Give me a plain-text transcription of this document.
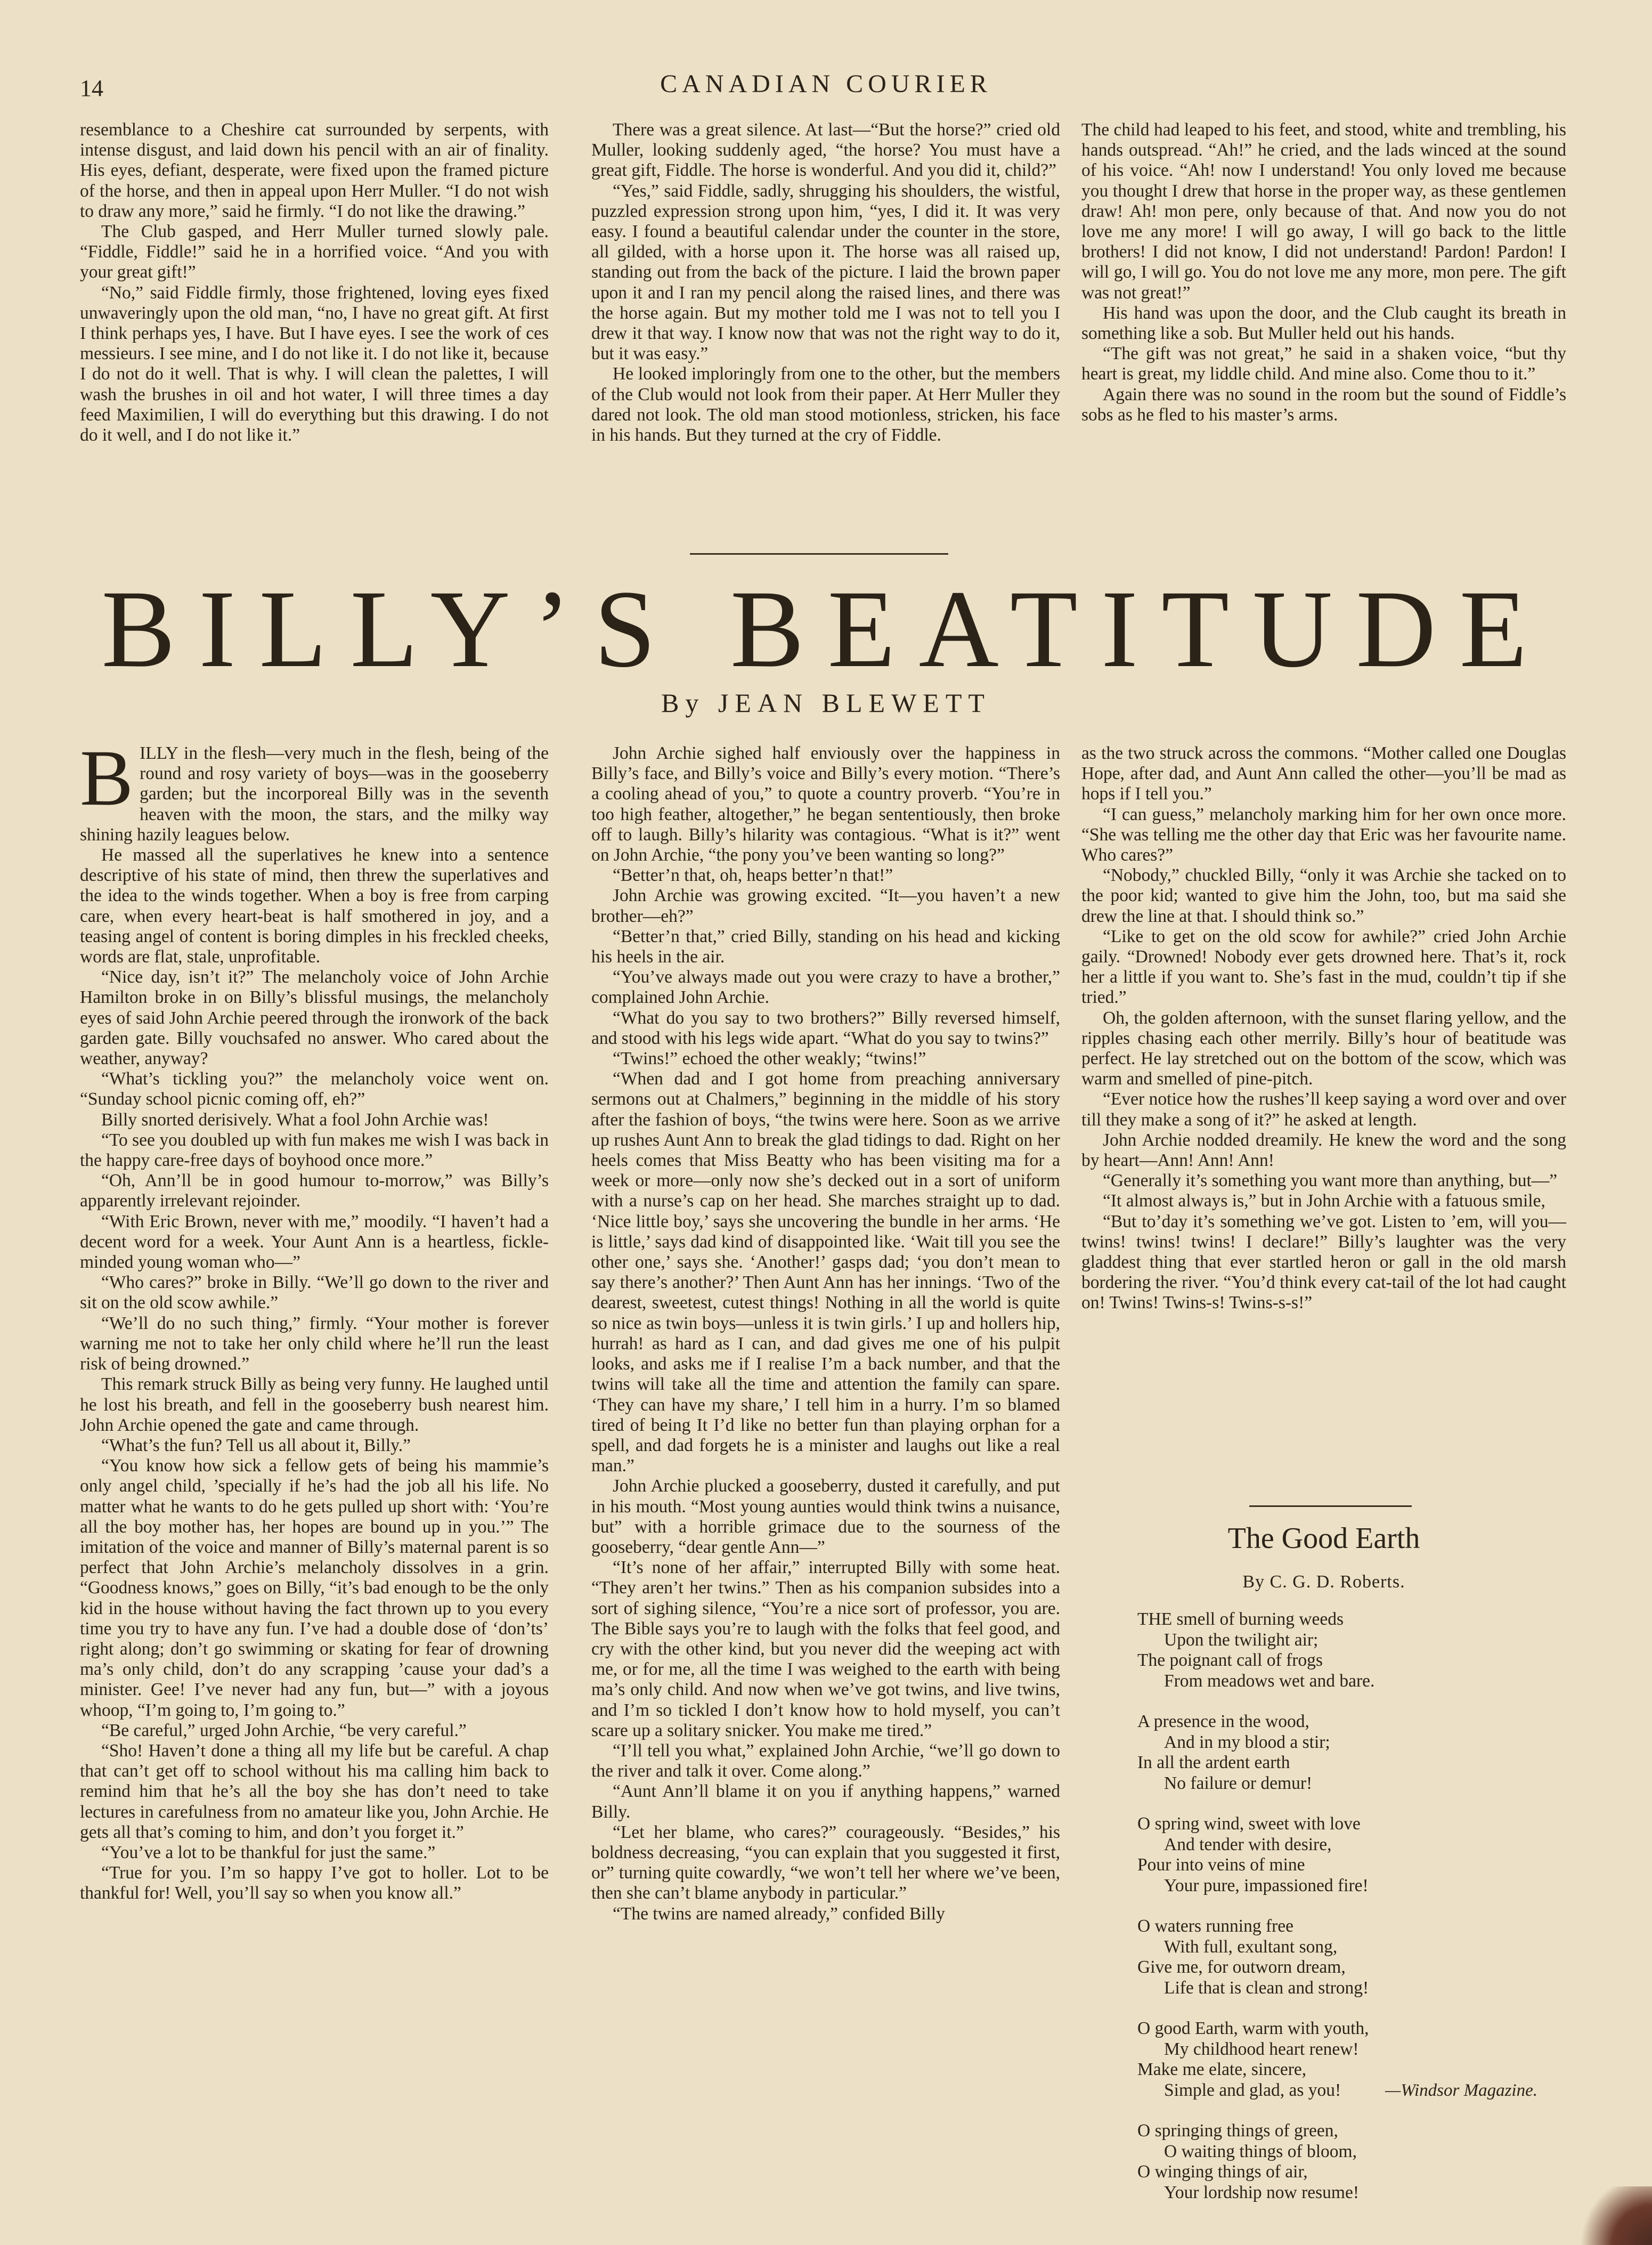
14	CANADIAN COURIER

resemblance to a Cheshire cat surrounded by serpents, with intense disgust, and laid down his pencil with an air of finality. His eyes, defiant, desperate, were fixed upon the framed picture of the horse, and then in appeal upon Herr Muller. “I do not wish to draw any more,” said he firmly. “I do not like the drawing.”

The Club gasped, and Herr Muller turned slowly pale. “Fiddle, Fiddle!” said he in a horrified voice. “And you with your great gift!”

“No,” said Fiddle firmly, those frightened, loving eyes fixed unwaveringly upon the old man, “no, I have no great gift. At first I think perhaps yes, I have. But I have eyes. I see the work of ces messieurs. I see mine, and I do not like it. I do not like it, because I do not do it well. That is why. I will clean the palettes, I will wash the brushes in oil and hot water, I will three times a day feed Maximilien, I will do everything but this drawing. I do not do it well, and I do not like it.”

There was a great silence. At last—“But the horse?” cried old Muller, looking suddenly aged, “the horse? You must have a great gift, Fiddle. The horse is wonderful. And you did it, child?”

“Yes,” said Fiddle, sadly, shrugging his shoulders, the wistful, puzzled expression strong upon him, “yes, I did it. It was very easy. I found a beautiful calendar under the counter in the store, all gilded, with a horse upon it. The horse was all raised up, standing out from the back of the picture. I laid the brown paper upon it and I ran my pencil along the raised lines, and there was the horse again. But my mother told me I was not to tell you I drew it that way. I know now that was not the right way to do it, but it was easy.”

He looked imploringly from one to the other, but the members of the Club would not look from their paper. At Herr Muller they dared not look. The old man stood motionless, stricken, his face in his hands. But they turned at the cry of Fiddle.

The child had leaped to his feet, and stood, white and trembling, his hands outspread. “Ah!” he cried, and the lads winced at the sound of his voice. “Ah! now I understand! You only loved me because you thought I drew that horse in the proper way, as these gentlemen draw! Ah! mon pere, only because of that. And now you do not love me any more! I will go away, I will go back to the little brothers! I did not know, I did not understand! Pardon! Pardon! I will go, I will go. You do not love me any more, mon pere. The gift was not great!”

His hand was upon the door, and the Club caught its breath in something like a sob. But Muller held out his hands.

“The gift was not great,” he said in a shaken voice, “but thy heart is great, my liddle child. And mine also. Come thou to it.”

Again there was no sound in the room but the sound of Fiddle’s sobs as he fled to his master’s arms.

BILLY’S BEATITUDE
By JEAN BLEWETT

BILLY in the flesh—very much in the flesh, being of the round and rosy variety of boys—was in the gooseberry garden; but the incorporeal Billy was in the seventh heaven with the moon, the stars, and the milky way shining hazily leagues below.

He massed all the superlatives he knew into a sentence descriptive of his state of mind, then threw the superlatives and the idea to the winds together. When a boy is free from carping care, when every heart-beat is half smothered in joy, and a teasing angel of content is boring dimples in his freckled cheeks, words are flat, stale, unprofitable.

“Nice day, isn’t it?” The melancholy voice of John Archie Hamilton broke in on Billy’s blissful musings, the melancholy eyes of said John Archie peered through the ironwork of the back garden gate. Billy vouchsafed no answer. Who cared about the weather, anyway?

“What’s tickling you?” the melancholy voice went on. “Sunday school picnic coming off, eh?”

Billy snorted derisively. What a fool John Archie was!

“To see you doubled up with fun makes me wish I was back in the happy care-free days of boyhood once more.”

“Oh, Ann’ll be in good humour to-morrow,” was Billy’s apparently irrelevant rejoinder.

“With Eric Brown, never with me,” moodily. “I haven’t had a decent word for a week. Your Aunt Ann is a heartless, fickle-minded young woman who—”

“Who cares?” broke in Billy. “We’ll go down to the river and sit on the old scow awhile.”

“We’ll do no such thing,” firmly. “Your mother is forever warning me not to take her only child where he’ll run the least risk of being drowned.”

This remark struck Billy as being very funny. He laughed until he lost his breath, and fell in the gooseberry bush nearest him. John Archie opened the gate and came through.

“What’s the fun? Tell us all about it, Billy.”

“You know how sick a fellow gets of being his mammie’s only angel child, ’specially if he’s had the job all his life. No matter what he wants to do he gets pulled up short with: ‘You’re all the boy mother has, her hopes are bound up in you.’” The imitation of the voice and manner of Billy’s maternal parent is so perfect that John Archie’s melancholy dissolves in a grin. “Goodness knows,” goes on Billy, “it’s bad enough to be the only kid in the house without having the fact thrown up to you every time you try to have any fun. I’ve had a double dose of ‘don’ts’ right along; don’t go swimming or skating for fear of drowning ma’s only child, don’t do any scrapping ’cause your dad’s a minister. Gee! I’ve never had any fun, but—” with a joyous whoop, “I’m going to, I’m going to.”

“Be careful,” urged John Archie, “be very careful.”

“Sho! Haven’t done a thing all my life but be careful. A chap that can’t get off to school without his ma calling him back to remind him that he’s all the boy she has don’t need to take lectures in carefulness from no amateur like you, John Archie. He gets all that’s coming to him, and don’t you forget it.”

“You’ve a lot to be thankful for just the same.”

“True for you. I’m so happy I’ve got to holler. Lot to be thankful for! Well, you’ll say so when you know all.”

John Archie sighed half enviously over the happiness in Billy’s face, and Billy’s voice and Billy’s every motion. “There’s a cooling ahead of you,” to quote a country proverb. “You’re in too high feather, altogether,” he began sententiously, then broke off to laugh. Billy’s hilarity was contagious. “What is it?” went on John Archie, “the pony you’ve been wanting so long?”

“Better’n that, oh, heaps better’n that!”

John Archie was growing excited. “It—you haven’t a new brother—eh?”

“Better’n that,” cried Billy, standing on his head and kicking his heels in the air.

“You’ve always made out you were crazy to have a brother,” complained John Archie.

“What do you say to two brothers?” Billy reversed himself, and stood with his legs wide apart. “What do you say to twins?”

“Twins!” echoed the other weakly; “twins!”

“When dad and I got home from preaching anniversary sermons out at Chalmers,” beginning in the middle of his story after the fashion of boys, “the twins were here. Soon as we arrive up rushes Aunt Ann to break the glad tidings to dad. Right on her heels comes that Miss Beatty who has been visiting ma for a week or more—only now she’s decked out in a sort of uniform with a nurse’s cap on her head. She marches straight up to dad. ‘Nice little boy,’ says she uncovering the bundle in her arms. ‘He is little,’ says dad kind of disappointed like. ‘Wait till you see the other one,’ says she. ‘Another!’ gasps dad; ‘you don’t mean to say there’s another?’ Then Aunt Ann has her innings. ‘Two of the dearest, sweetest, cutest things! Nothing in all the world is quite so nice as twin boys—unless it is twin girls.’ I up and hollers hip, hurrah! as hard as I can, and dad gives me one of his pulpit looks, and asks me if I realise I’m a back number, and that the twins will take all the time and attention the family can spare. ‘They can have my share,’ I tell him in a hurry. I’m so blamed tired of being It I’d like no better fun than playing orphan for a spell, and dad forgets he is a minister and laughs out like a real man.”

John Archie plucked a gooseberry, dusted it carefully, and put in his mouth. “Most young aunties would think twins a nuisance, but” with a horrible grimace due to the sourness of the gooseberry, “dear gentle Ann—”

“It’s none of her affair,” interrupted Billy with some heat. “They aren’t her twins.” Then as his companion subsides into a sort of sighing silence, “You’re a nice sort of professor, you are. The Bible says you’re to laugh with the folks that feel good, and cry with the other kind, but you never did the weeping act with me, or for me, all the time I was weighed to the earth with being ma’s only child. And now when we’ve got twins, and live twins, and I’m so tickled I don’t know how to hold myself, you can’t scare up a solitary snicker. You make me tired.”

“I’ll tell you what,” explained John Archie, “we’ll go down to the river and talk it over. Come along.”

“Aunt Ann’ll blame it on you if anything happens,” warned Billy.

“Let her blame, who cares?” courageously. “Besides,” his boldness decreasing, “you can explain that you suggested it first, or” turning quite cowardly, “we won’t tell her where we’ve been, then she can’t blame anybody in particular.”

“The twins are named already,” confided Billy

as the two struck across the commons. “Mother called one Douglas Hope, after dad, and Aunt Ann called the other—you’ll be mad as hops if I tell you.”

“I can guess,” melancholy marking him for her own once more. “She was telling me the other day that Eric was her favourite name. Who cares?”

“Nobody,” chuckled Billy, “only it was Archie she tacked on to the poor kid; wanted to give him the John, too, but ma said she drew the line at that. I should think so.”

“Like to get on the old scow for awhile?” cried John Archie gaily. “Drowned! Nobody ever gets drowned here. That’s it, rock her a little if you want to. She’s fast in the mud, couldn’t tip if she tried.”

Oh, the golden afternoon, with the sunset flaring yellow, and the ripples chasing each other merrily. Billy’s hour of beatitude was perfect. He lay stretched out on the bottom of the scow, which was warm and smelled of pine-pitch.

“Ever notice how the rushes’ll keep saying a word over and over till they make a song of it?” he asked at length.

John Archie nodded dreamily. He knew the word and the song by heart—Ann! Ann! Ann!

“Generally it’s something you want more than anything, but—”

“It almost always is,” but in John Archie with a fatuous smile,

“But to’day it’s something we’ve got. Listen to ’em, will you—twins! twins! twins! I declare!” Billy’s laughter was the very gladdest thing that ever startled heron or gall in the old marsh bordering the river. “You’d think every cat-tail of the lot had caught on! Twins! Twins-s! Twins-s-s!”

The Good Earth
By C. G. D. Roberts.
THE smell of burning weeds
Upon the twilight air;
The poignant call of frogs
From meadows wet and bare.
A presence in the wood,
And in my blood a stir;
In all the ardent earth
No failure or demur!
O spring wind, sweet with love
And tender with desire,
Pour into veins of mine
Your pure, impassioned fire!
O waters running free
With full, exultant song,
Give me, for outworn dream,
Life that is clean and strong!
O good Earth, warm with youth,
My childhood heart renew!
Make me elate, sincere,
Simple and glad, as you!
O springing things of green,
O waiting things of bloom,
O winging things of air,
Your lordship now resume!
—Windsor Magazine.
